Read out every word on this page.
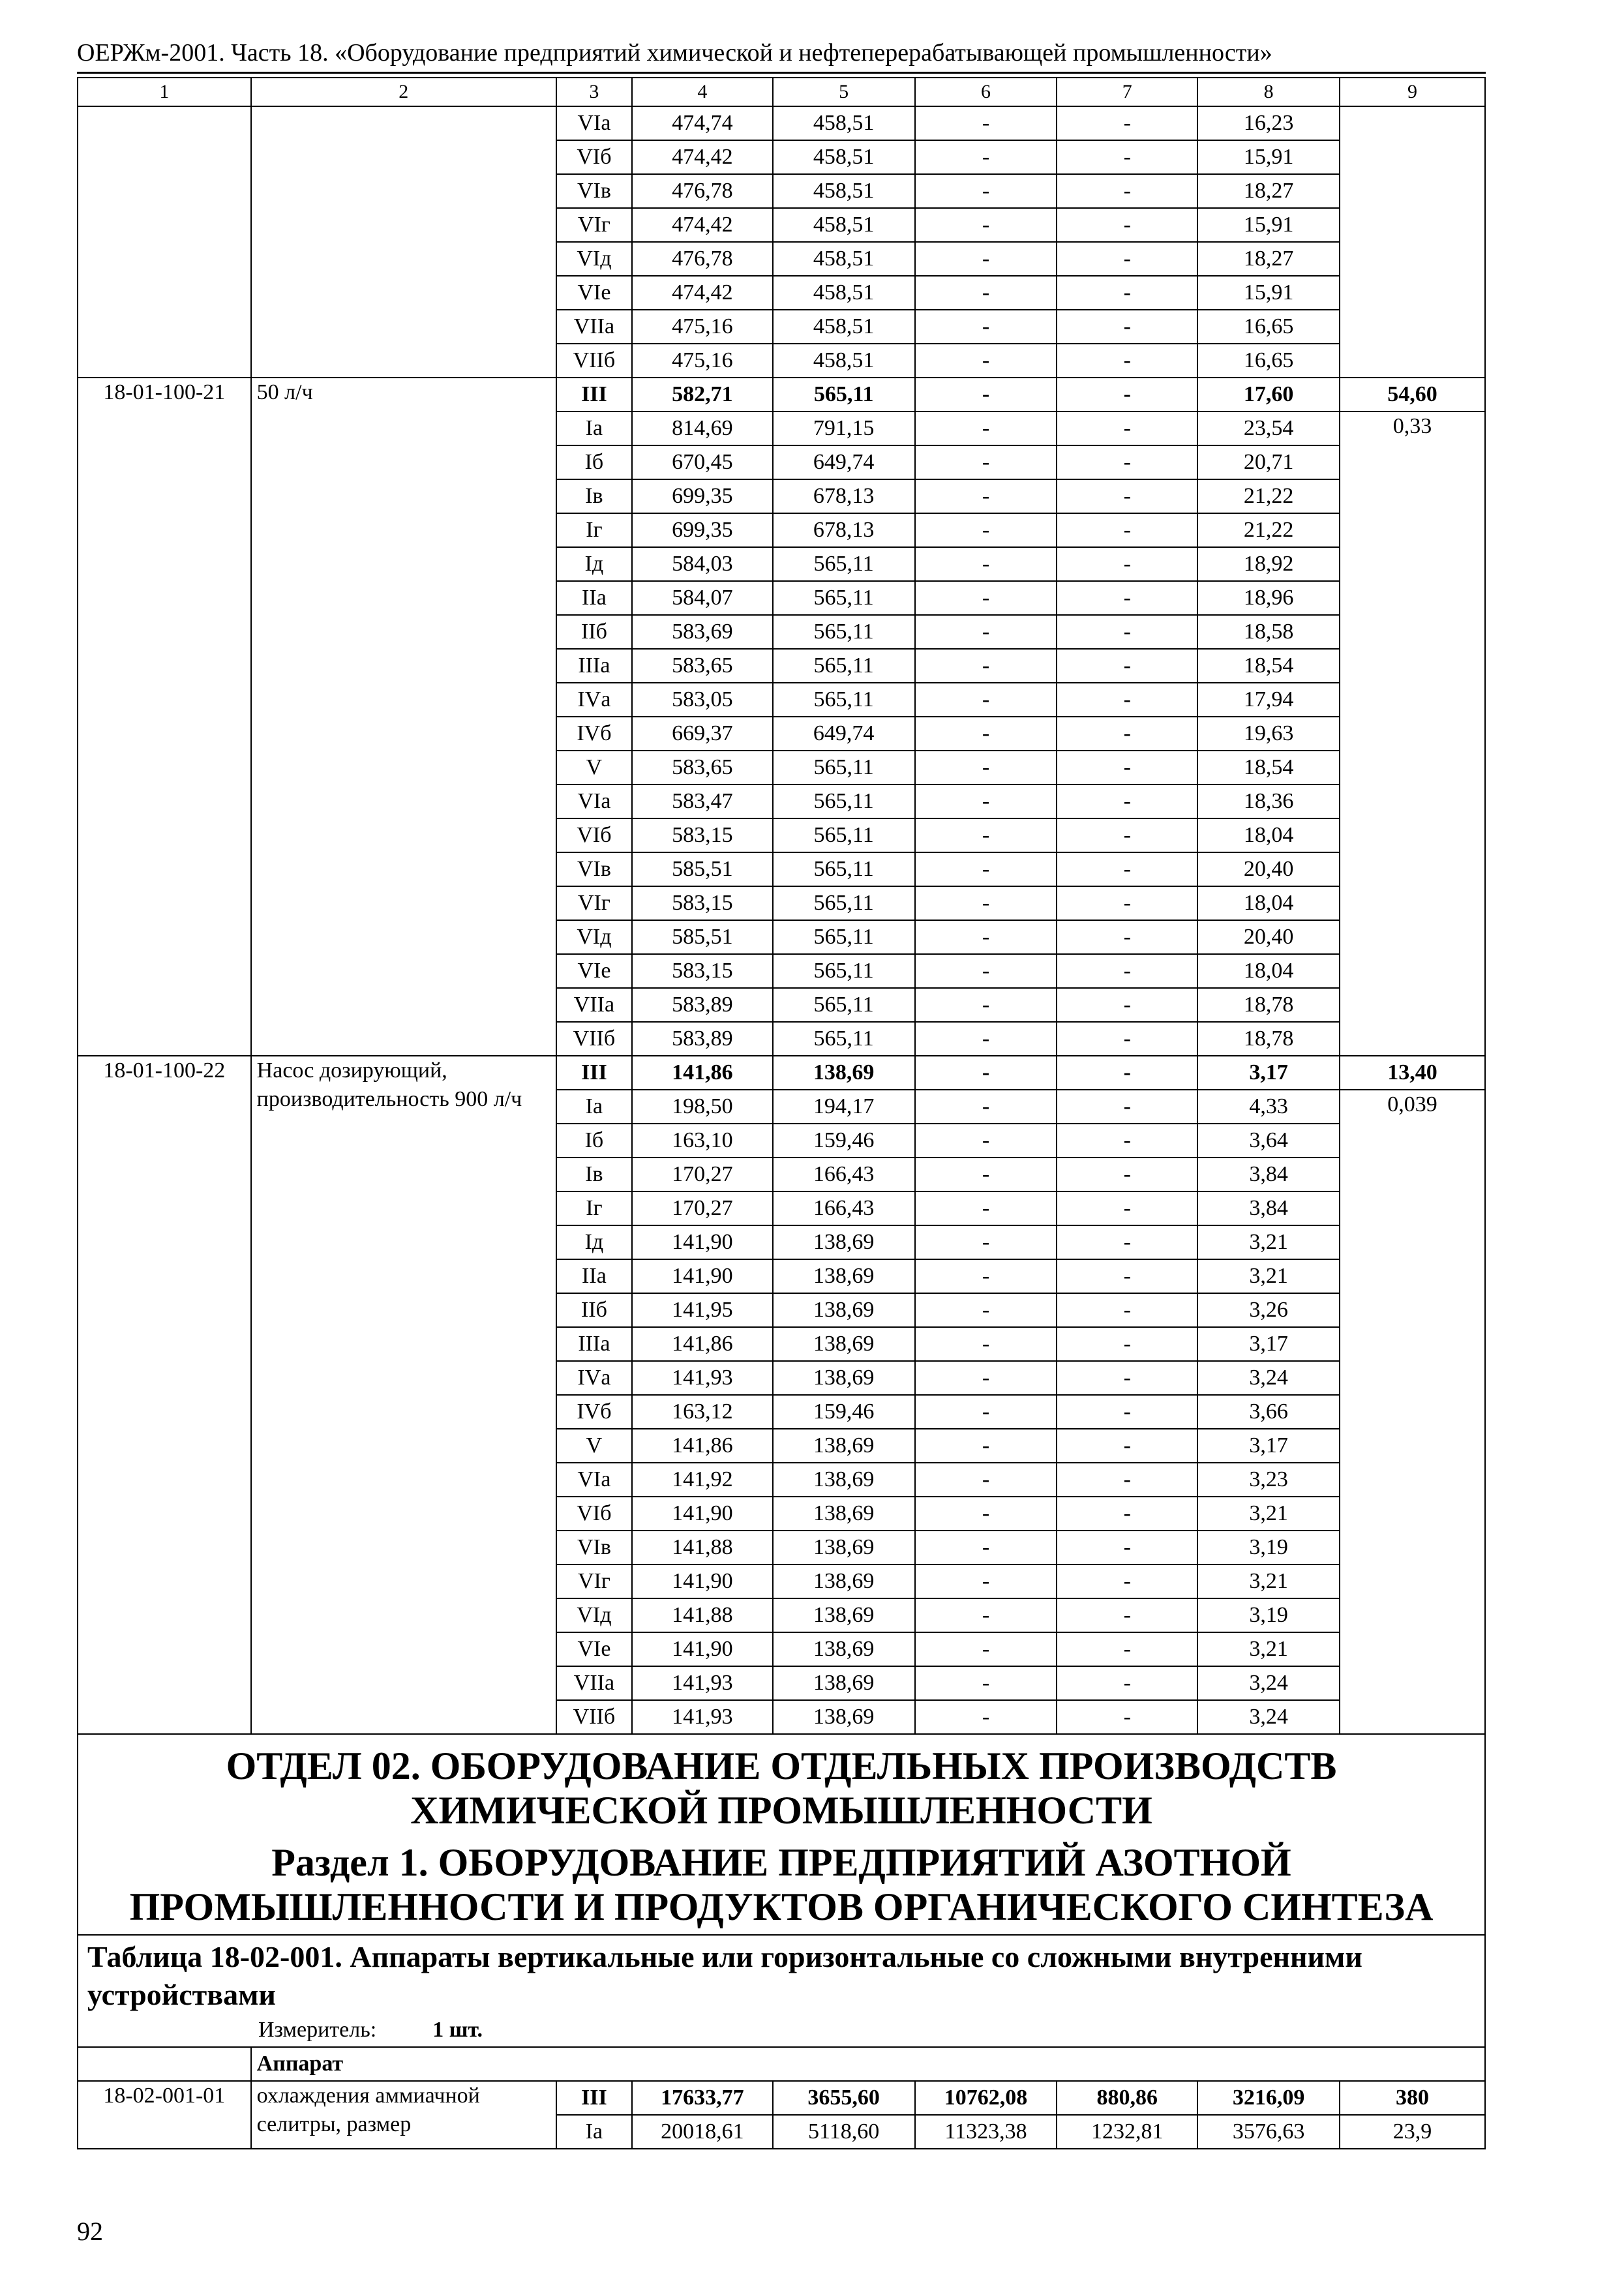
ОЕРЖм-2001. Часть 18. «Оборудование предприятий химической и нефтеперерабатывающей промышленности»
1	2	3	4	5	6	7	8	9
		VIа	474,74	458,51	-	-	16,23	
		VIб	474,42	458,51	-	-	15,91	
		VIв	476,78	458,51	-	-	18,27	
		VIг	474,42	458,51	-	-	15,91	
		VIд	476,78	458,51	-	-	18,27	
		VIе	474,42	458,51	-	-	15,91	
		VIIа	475,16	458,51	-	-	16,65	
		VIIб	475,16	458,51	-	-	16,65	
18-01-100-21	50 л/ч	III	582,71	565,11	-	-	17,60	54,60
		Iа	814,69	791,15	-	-	23,54	0,33
		Iб	670,45	649,74	-	-	20,71	
		Iв	699,35	678,13	-	-	21,22	
		Iг	699,35	678,13	-	-	21,22	
		Iд	584,03	565,11	-	-	18,92	
		IIа	584,07	565,11	-	-	18,96	
		IIб	583,69	565,11	-	-	18,58	
		IIIа	583,65	565,11	-	-	18,54	
		IVа	583,05	565,11	-	-	17,94	
		IVб	669,37	649,74	-	-	19,63	
		V	583,65	565,11	-	-	18,54	
		VIа	583,47	565,11	-	-	18,36	
		VIб	583,15	565,11	-	-	18,04	
		VIв	585,51	565,11	-	-	20,40	
		VIг	583,15	565,11	-	-	18,04	
		VIд	585,51	565,11	-	-	20,40	
		VIе	583,15	565,11	-	-	18,04	
		VIIа	583,89	565,11	-	-	18,78	
		VIIб	583,89	565,11	-	-	18,78	
18-01-100-22	Насос дозирующий, производительность 900 л/ч	III	141,86	138,69	-	-	3,17	13,40
		Iа	198,50	194,17	-	-	4,33	0,039
		Iб	163,10	159,46	-	-	3,64	
		Iв	170,27	166,43	-	-	3,84	
		Iг	170,27	166,43	-	-	3,84	
		Iд	141,90	138,69	-	-	3,21	
		IIа	141,90	138,69	-	-	3,21	
		IIб	141,95	138,69	-	-	3,26	
		IIIа	141,86	138,69	-	-	3,17	
		IVа	141,93	138,69	-	-	3,24	
		IVб	163,12	159,46	-	-	3,66	
		V	141,86	138,69	-	-	3,17	
		VIа	141,92	138,69	-	-	3,23	
		VIб	141,90	138,69	-	-	3,21	
		VIв	141,88	138,69	-	-	3,19	
		VIг	141,90	138,69	-	-	3,21	
		VIд	141,88	138,69	-	-	3,19	
		VIе	141,90	138,69	-	-	3,21	
		VIIа	141,93	138,69	-	-	3,24	
		VIIб	141,93	138,69	-	-	3,24	

ОТДЕЛ 02. ОБОРУДОВАНИЕ ОТДЕЛЬНЫХ ПРОИЗВОДСТВ ХИМИЧЕСКОЙ ПРОМЫШЛЕННОСТИ
Раздел 1. ОБОРУДОВАНИЕ ПРЕДПРИЯТИЙ АЗОТНОЙ ПРОМЫШЛЕННОСТИ И ПРОДУКТОВ ОРГАНИЧЕСКОГО СИНТЕЗА								

Таблица 18-02-001. Аппараты вертикальные или горизонтальные со сложными внутренними устройствами
Измеритель: 1 шт.								

	Аппарат							
18-02-001-01	охлаждения аммиачной селитры, размер	III	17633,77	3655,60	10762,08	880,86	3216,09	380
		Iа	20018,61	5118,60	11323,38	1232,81	3576,63	23,9
92
